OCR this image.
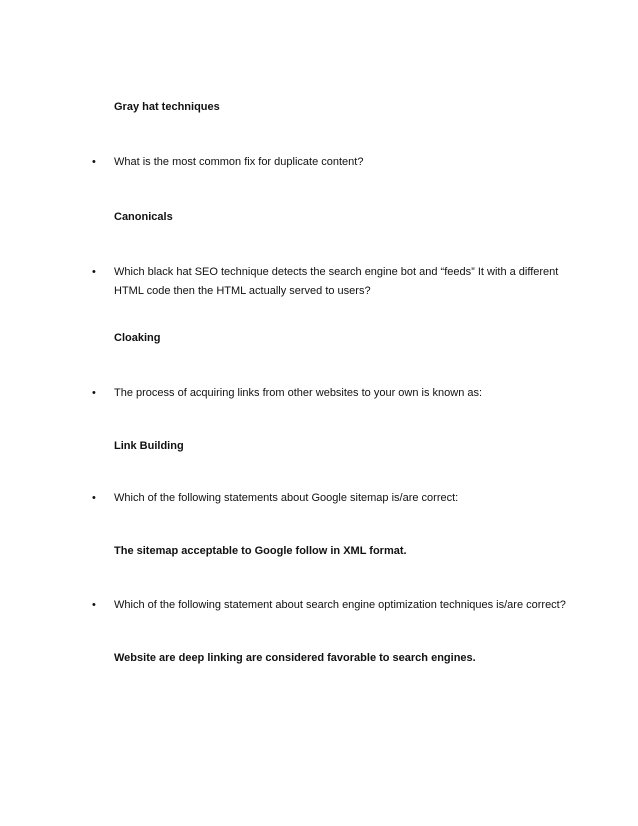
Gray hat techniques
• What is the most common fix for duplicate content?
Canonicals
• Which black hat SEO technique detects the search engine bot and “feeds” It with a different HTML code then the HTML actually served to users?
Cloaking
• The process of acquiring links from other websites to your own is known as:
Link Building
• Which of the following statements about Google sitemap is/are correct:
The sitemap acceptable to Google follow in XML format.
• Which of the following statement about search engine optimization techniques is/are correct?
Website are deep linking are considered favorable to search engines.
